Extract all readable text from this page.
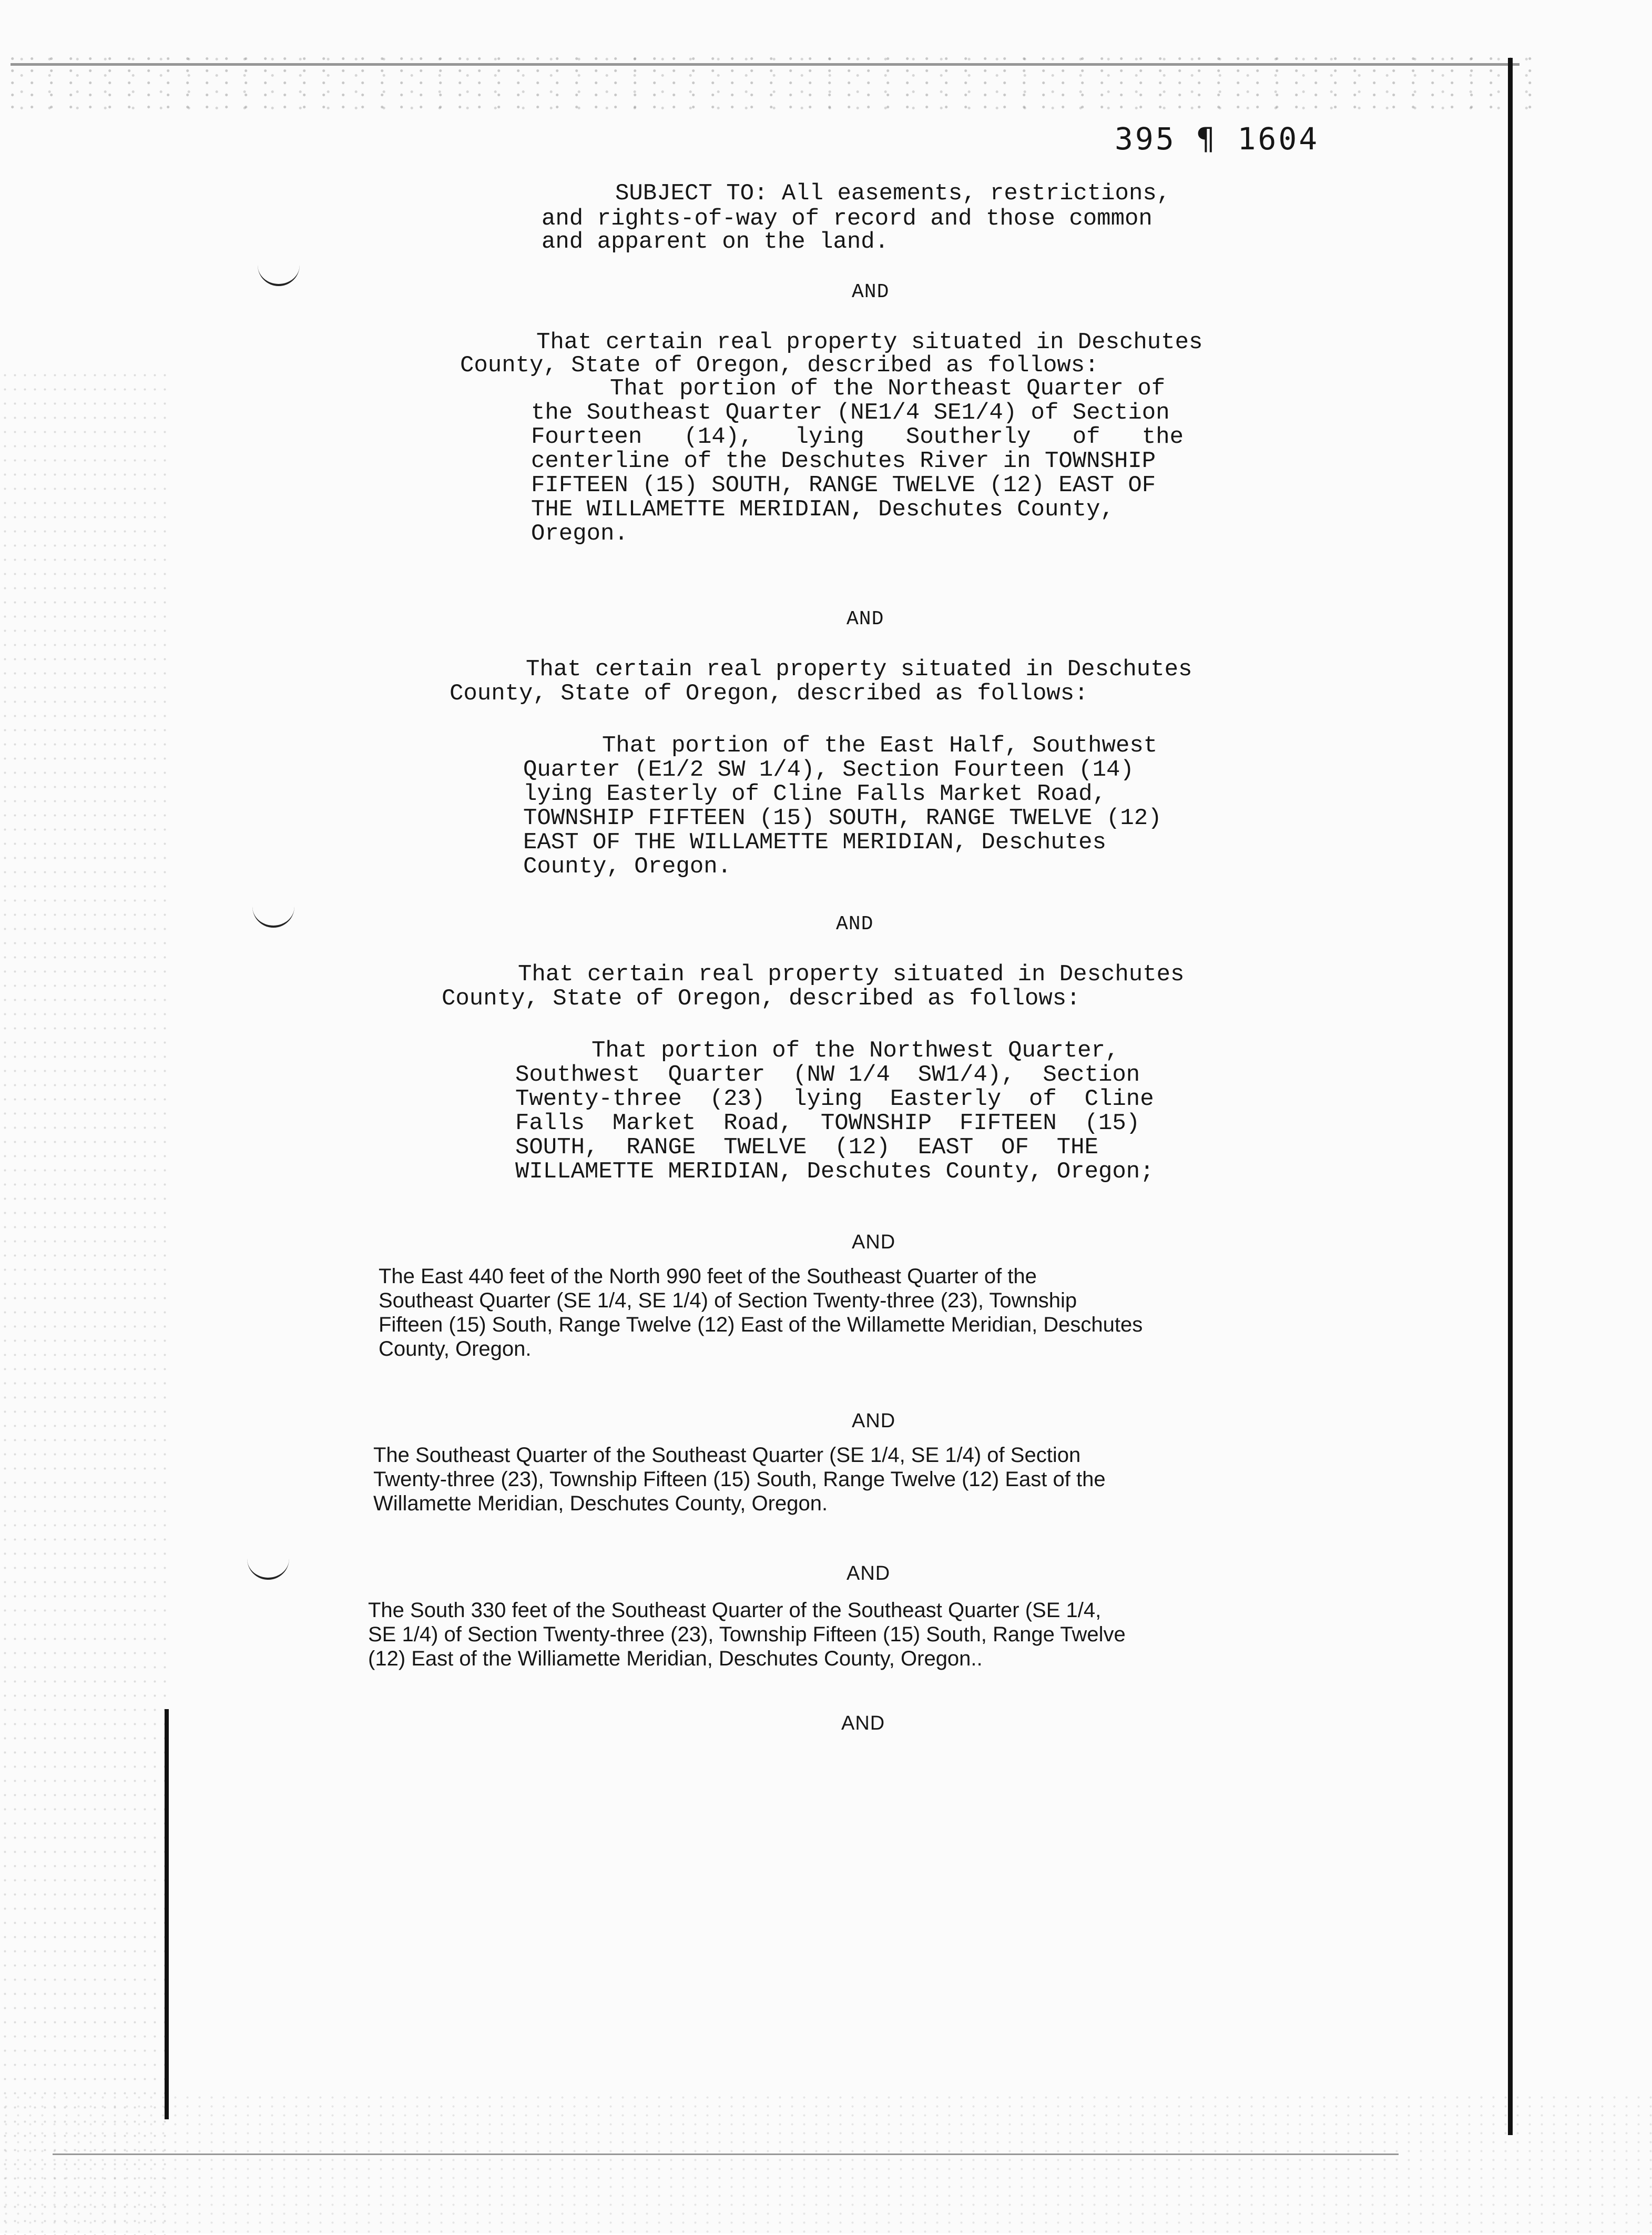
395 ¶ 1604
SUBJECT TO: All easements, restrictions,
and rights-of-way of record and those common
and apparent on the land.
AND
That certain real property situated in Deschutes
County, State of Oregon, described as follows:
That portion of the Northeast Quarter of
the Southeast Quarter (NE1/4 SE1/4) of Section
Fourteen   (14),   lying   Southerly   of   the
centerline of the Deschutes River in TOWNSHIP
FIFTEEN (15) SOUTH, RANGE TWELVE (12) EAST OF
THE WILLAMETTE MERIDIAN, Deschutes County,
Oregon.
AND
That certain real property situated in Deschutes
County, State of Oregon, described as follows:
That portion of the East Half, Southwest
Quarter (E1/2 SW 1/4), Section Fourteen (14)
lying Easterly of Cline Falls Market Road,
TOWNSHIP FIFTEEN (15) SOUTH, RANGE TWELVE (12)
EAST OF THE WILLAMETTE MERIDIAN, Deschutes
County, Oregon.
AND
That certain real property situated in Deschutes
County, State of Oregon, described as follows:
That portion of the Northwest Quarter,
Southwest  Quarter  (NW 1/4  SW1/4),  Section
Twenty-three  (23)  lying  Easterly  of  Cline
Falls  Market  Road,  TOWNSHIP  FIFTEEN  (15)
SOUTH,  RANGE  TWELVE  (12)  EAST  OF  THE
WILLAMETTE MERIDIAN, Deschutes County, Oregon;
AND
The East 440 feet of the North 990 feet of the Southeast Quarter of the
Southeast Quarter (SE 1/4, SE 1/4) of Section Twenty-three (23), Township
Fifteen (15) South, Range Twelve (12) East of the Willamette Meridian, Deschutes
County, Oregon.
AND
The Southeast Quarter of the Southeast Quarter (SE 1/4, SE 1/4) of Section
Twenty-three (23), Township Fifteen (15) South, Range Twelve (12) East of the
Willamette Meridian, Deschutes County, Oregon.
AND
The South 330 feet of the Southeast Quarter of the Southeast Quarter (SE 1/4,
SE 1/4) of Section Twenty-three (23), Township Fifteen (15) South, Range Twelve
(12) East of the Williamette Meridian, Deschutes County, Oregon..
AND
